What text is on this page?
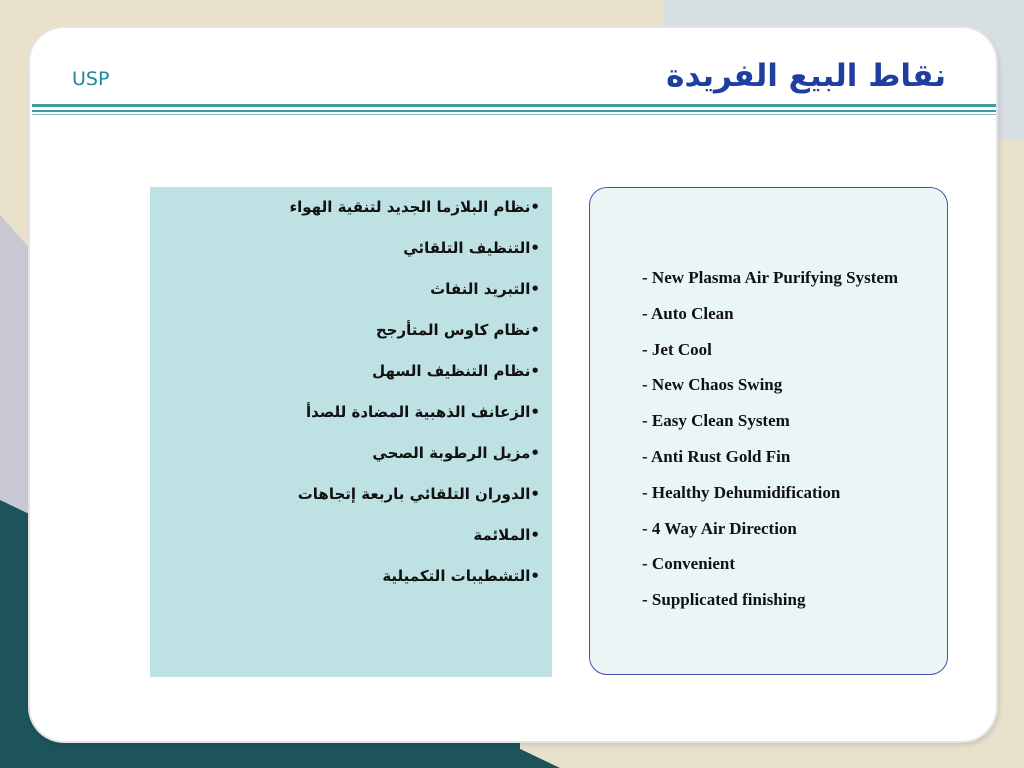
USP	نقاط البيع الفريدة
•نظام البلازما الجديد لتنقية الهواء
•التنظيف التلقائي
•التبريد النفاث
•نظام كاوس المتأرجح
•نظام التنظيف السهل
•الزعانف الذهبية المضادة للصدأ
•مزيل الرطوبة الصحي
•الدوران التلقائي باربعة إتجاهات
•الملائمة
•التشطيبات التكميلية
- New Plasma Air Purifying System
- Auto Clean
- Jet Cool
- New Chaos Swing
- Easy Clean System
- Anti Rust Gold Fin
- Healthy Dehumidification
- 4 Way Air Direction
- Convenient
- Supplicated finishing
